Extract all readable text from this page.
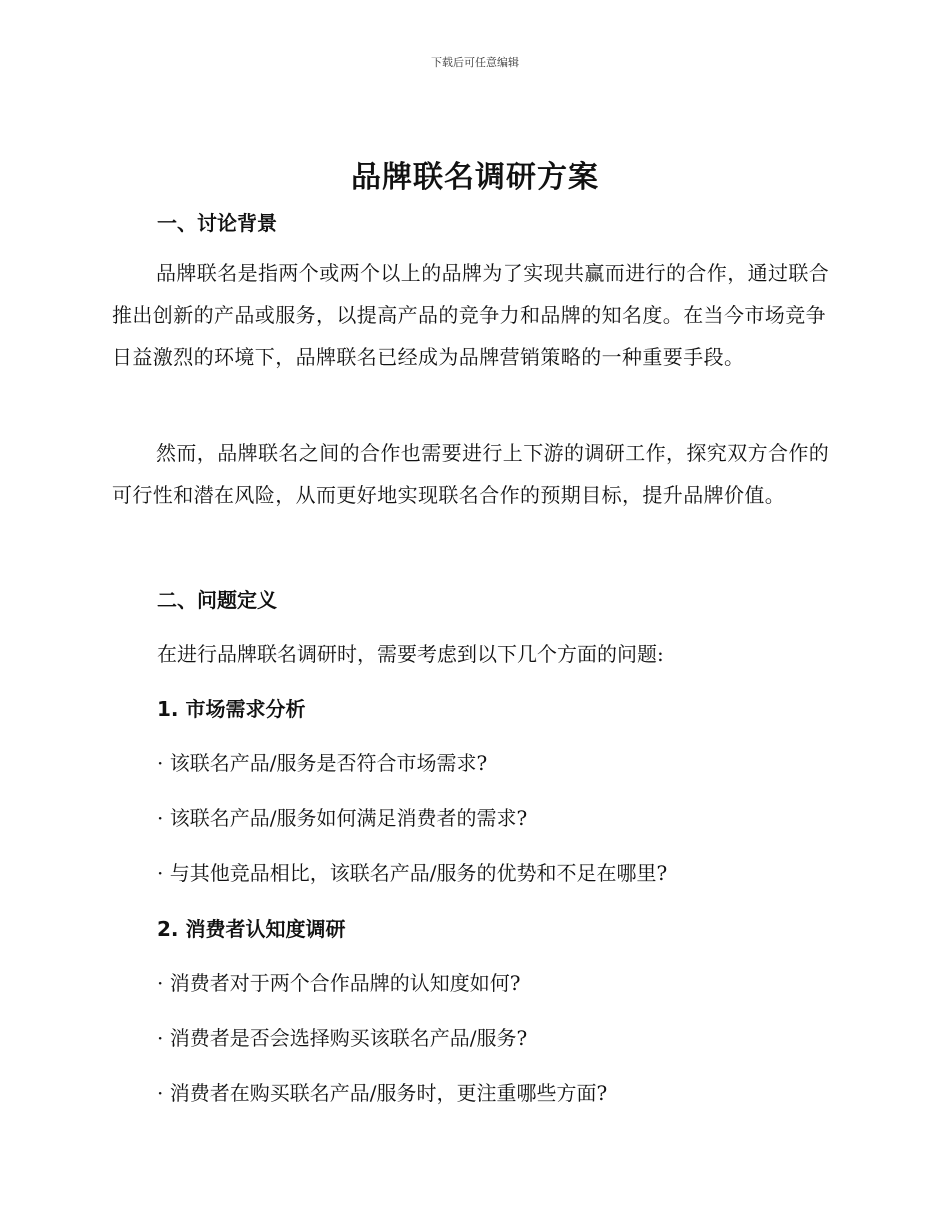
下载后可任意编辑
品牌联名调研方案
一、讨论背景
品牌联名是指两个或两个以上的品牌为了实现共赢而进行的合作，通过联合推出创新的产品或服务，以提高产品的竞争力和品牌的知名度。在当今市场竞争日益激烈的环境下，品牌联名已经成为品牌营销策略的一种重要手段。
然而，品牌联名之间的合作也需要进行上下游的调研工作，探究双方合作的可行性和潜在风险，从而更好地实现联名合作的预期目标，提升品牌价值。
二、问题定义
在进行品牌联名调研时，需要考虑到以下几个方面的问题:
1. 市场需求分析
· 该联名产品/服务是否符合市场需求?
· 该联名产品/服务如何满足消费者的需求?
· 与其他竞品相比，该联名产品/服务的优势和不足在哪里?
2. 消费者认知度调研
· 消费者对于两个合作品牌的认知度如何?
· 消费者是否会选择购买该联名产品/服务?
· 消费者在购买联名产品/服务时，更注重哪些方面?
